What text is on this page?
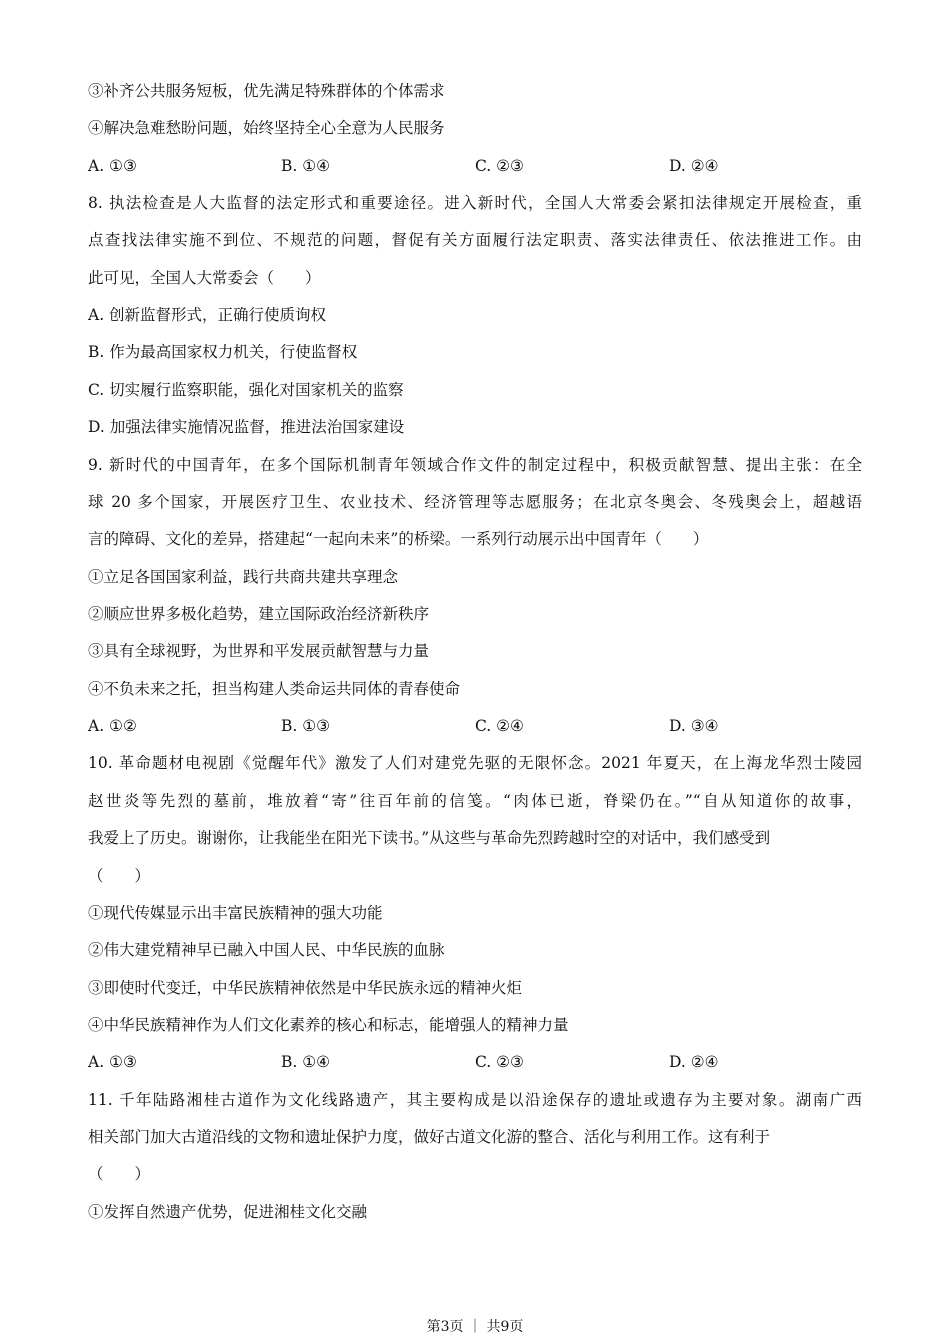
③补齐公共服务短板，优先满足特殊群体的个体需求
④解决急难愁盼问题，始终坚持全心全意为人民服务
A. ①③	B. ①④	C. ②③	D. ②④
8. 执法检查是人大监督的法定形式和重要途径。进入新时代，全国人大常委会紧扣法律规定开展检查，重
点查找法律实施不到位、不规范的问题，督促有关方面履行法定职责、落实法律责任、依法推进工作。由
此可见，全国人大常委会（　　）
A. 创新监督形式，正确行使质询权
B. 作为最高国家权力机关，行使监督权
C. 切实履行监察职能，强化对国家机关的监察
D. 加强法律实施情况监督，推进法治国家建设
9. 新时代的中国青年，在多个国际机制青年领域合作文件的制定过程中，积极贡献智慧、提出主张：在全
球 20 多个国家，开展医疗卫生、农业技术、经济管理等志愿服务；在北京冬奥会、冬残奥会上，超越语
言的障碍、文化的差异，搭建起“一起向未来”的桥梁。一系列行动展示出中国青年（　　）
①立足各国国家利益，践行共商共建共享理念
②顺应世界多极化趋势，建立国际政治经济新秩序
③具有全球视野，为世界和平发展贡献智慧与力量
④不负未来之托，担当构建人类命运共同体的青春使命
A. ①②	B. ①③	C. ②④	D. ③④
10. 革命题材电视剧《觉醒年代》激发了人们对建党先驱的无限怀念。2021 年夏天，在上海龙华烈士陵园
赵世炎等先烈的墓前，堆放着“寄”往百年前的信笺。“肉体已逝，脊梁仍在。”“自从知道你的故事，
我爱上了历史。谢谢你，让我能坐在阳光下读书。”从这些与革命先烈跨越时空的对话中，我们感受到
（　　）
①现代传媒显示出丰富民族精神的强大功能
②伟大建党精神早已融入中国人民、中华民族的血脉
③即使时代变迁，中华民族精神依然是中华民族永远的精神火炬
④中华民族精神作为人们文化素养的核心和标志，能增强人的精神力量
A. ①③	B. ①④	C. ②③	D. ②④
11. 千年陆路湘桂古道作为文化线路遗产，其主要构成是以沿途保存的遗址或遗存为主要对象。湖南广西
相关部门加大古道沿线的文物和遗址保护力度，做好古道文化游的整合、活化与利用工作。这有利于
（　　）
①发挥自然遗产优势，促进湘桂文化交融
第3页 ｜ 共9页
